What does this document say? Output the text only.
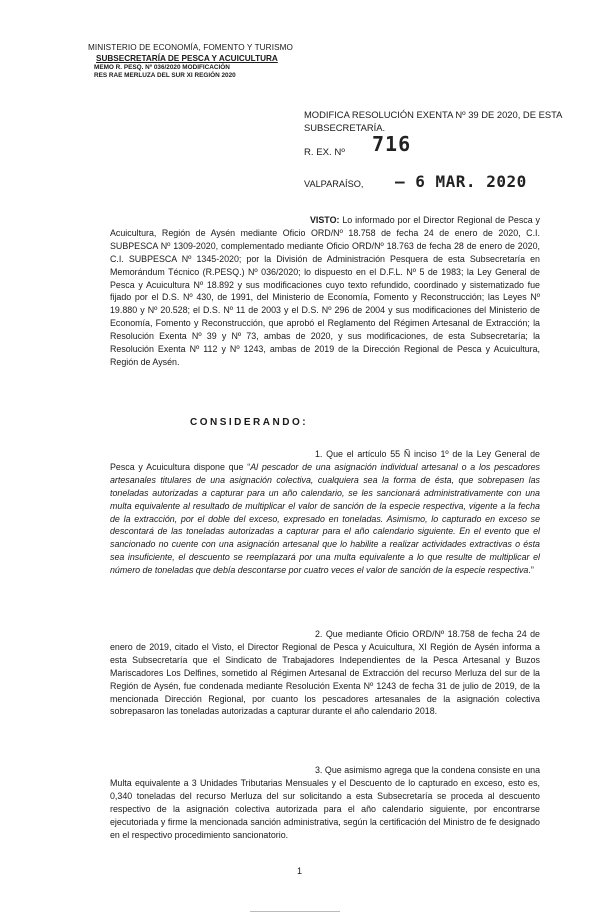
MINISTERIO DE ECONOMÍA, FOMENTO Y TURISMO
SUBSECRETARÍA DE PESCA Y ACUICULTURA
MEMO R. PESQ. Nº 036/2020 MODIFICACIÓN
RES RAE MERLUZA DEL SUR XI REGIÓN 2020
MODIFICA RESOLUCIÓN EXENTA Nº 39 DE 2020, DE ESTA SUBSECRETARÍA.
R. EX. Nº 716
VALPARAÍSO, – 6 MAR. 2020
VISTO: Lo informado por el Director Regional de Pesca y Acuicultura, Región de Aysén mediante Oficio ORD/Nº 18.758 de fecha 24 de enero de 2020, C.I. SUBPESCA Nº 1309-2020, complementado mediante Oficio ORD/Nº 18.763 de fecha 28 de enero de 2020, C.I. SUBPESCA Nº 1345-2020; por la División de Administración Pesquera de esta Subsecretaría en Memorándum Técnico (R.PESQ.) Nº 036/2020; lo dispuesto en el D.F.L. Nº 5 de 1983; la Ley General de Pesca y Acuicultura Nº 18.892 y sus modificaciones cuyo texto refundido, coordinado y sistematizado fue fijado por el D.S. Nº 430, de 1991, del Ministerio de Economía, Fomento y Reconstrucción; las Leyes Nº 19.880 y Nº 20.528; el D.S. Nº 11 de 2003 y el D.S. Nº 296 de 2004 y sus modificaciones del Ministerio de Economía, Fomento y Reconstrucción, que aprobó el Reglamento del Régimen Artesanal de Extracción; la Resolución Exenta Nº 39 y Nº 73, ambas de 2020, y sus modificaciones, de esta Subsecretaría; la Resolución Exenta Nº 112 y Nº 1243, ambas de 2019 de la Dirección Regional de Pesca y Acuicultura, Región de Aysén.
CONSIDERANDO:
1. Que el artículo 55 Ñ inciso 1º de la Ley General de Pesca y Acuicultura dispone que “Al pescador de una asignación individual artesanal o a los pescadores artesanales titulares de una asignación colectiva, cualquiera sea la forma de ésta, que sobrepasen las toneladas autorizadas a capturar para un año calendario, se les sancionará administrativamente con una multa equivalente al resultado de multiplicar el valor de sanción de la especie respectiva, vigente a la fecha de la extracción, por el doble del exceso, expresado en toneladas. Asimismo, lo capturado en exceso se descontará de las toneladas autorizadas a capturar para el año calendario siguiente. En el evento que el sancionado no cuente con una asignación artesanal que lo habilite a realizar actividades extractivas o ésta sea insuficiente, el descuento se reemplazará por una multa equivalente a lo que resulte de multiplicar el número de toneladas que debía descontarse por cuatro veces el valor de sanción de la especie respectiva.”
2. Que mediante Oficio ORD/Nº 18.758 de fecha 24 de enero de 2019, citado el Visto, el Director Regional de Pesca y Acuicultura, XI Región de Aysén informa a esta Subsecretaría que el Sindicato de Trabajadores Independientes de la Pesca Artesanal y Buzos Mariscadores Los Delfines, sometido al Régimen Artesanal de Extracción del recurso Merluza del sur de la Región de Aysén, fue condenada mediante Resolución Exenta Nº 1243 de fecha 31 de julio de 2019, de la mencionada Dirección Regional, por cuanto los pescadores artesanales de la asignación colectiva sobrepasaron las toneladas autorizadas a capturar durante el año calendario 2018.
3. Que asimismo agrega que la condena consiste en una Multa equivalente a 3 Unidades Tributarias Mensuales y el Descuento de lo capturado en exceso, esto es, 0,340 toneladas del recurso Merluza del sur solicitando a esta Subsecretaría se proceda al descuento respectivo de la asignación colectiva autorizada para el año calendario siguiente, por encontrarse ejecutoriada y firme la mencionada sanción administrativa, según la certificación del Ministro de fe designado en el respectivo procedimiento sancionatorio.
1
